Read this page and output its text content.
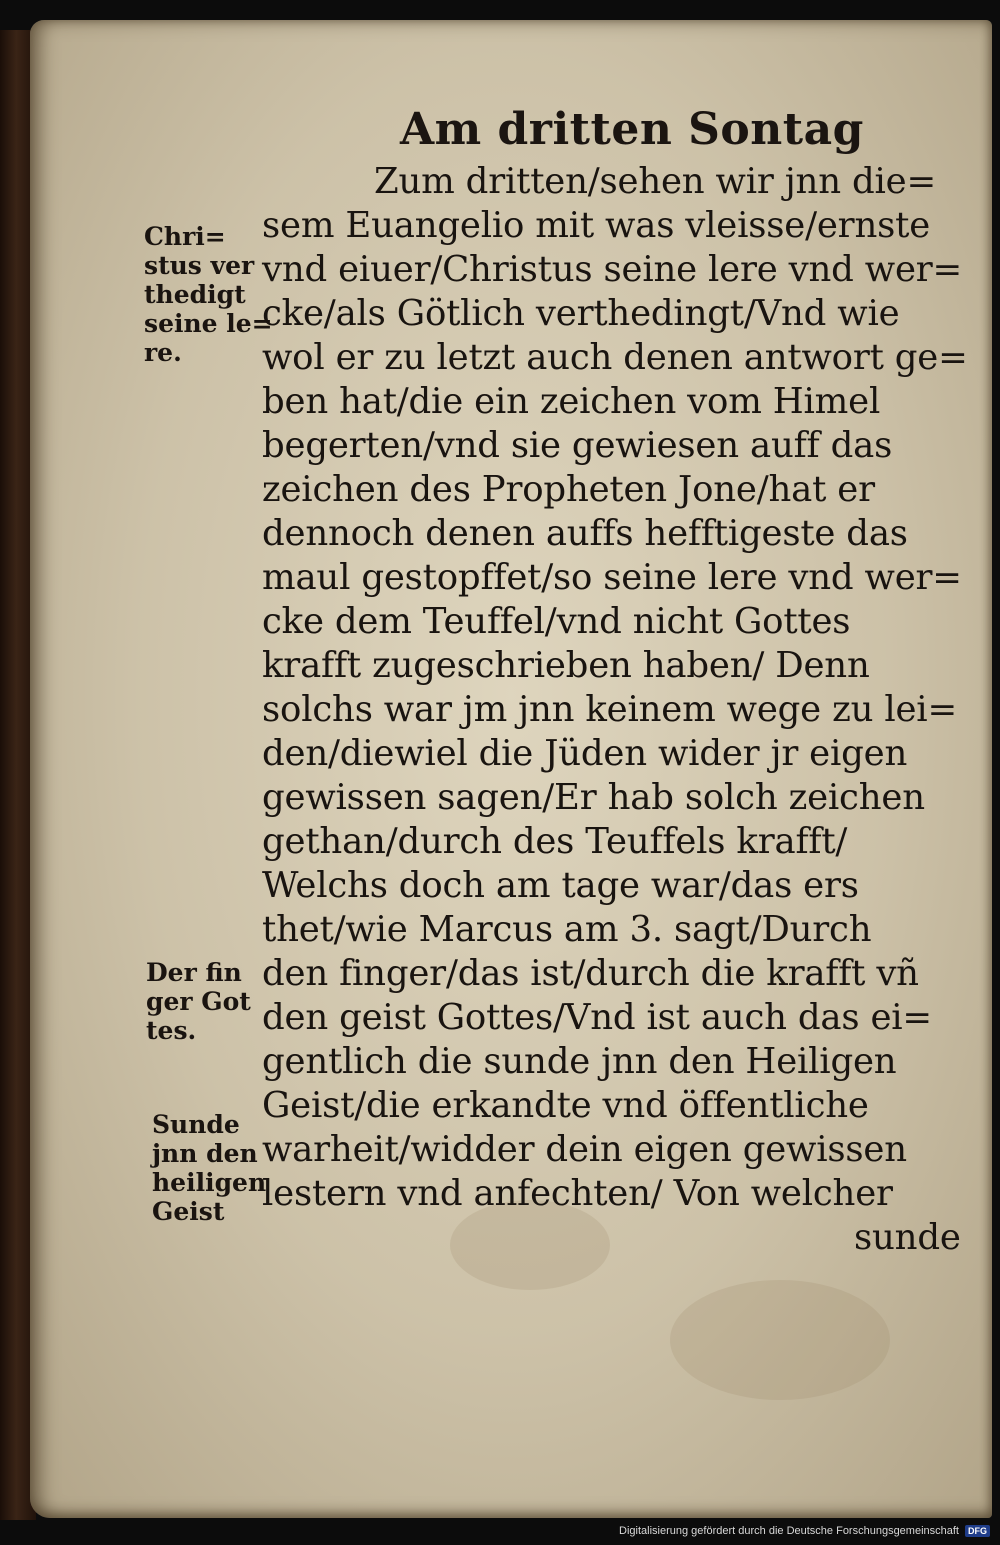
Am dritten Sontag
Zum dritten/sehen wir jnn die=
sem Euangelio mit was vleisse/ernste
vnd eiuer/Christus seine lere vnd wer=
cke/als Götlich verthedingt/Vnd wie
wol er zu letzt auch denen antwort ge=
ben hat/die ein zeichen vom Himel
begerten/vnd sie gewiesen auff das
zeichen des Propheten Jone/hat er
dennoch denen auffs hefftigeste das
maul gestopffet/so seine lere vnd wer=
cke dem Teuffel/vnd nicht Gottes
krafft zugeschrieben haben/ Denn
solchs war jm jnn keinem wege zu lei=
den/diewiel die Jüden wider jr eigen
gewissen sagen/Er hab solch zeichen
gethan/durch des Teuffels krafft/
Welchs doch am tage war/das ers
thet/wie Marcus am 3. sagt/Durch
den finger/das ist/durch die krafft vñ
den geist Gottes/Vnd ist auch das ei=
gentlich die sunde jnn den Heiligen
Geist/die erkandte vnd öffentliche
warheit/widder dein eigen gewissen
lestern vnd anfechten/ Von welcher
sunde
Chri=
stus ver
thedigt
seine le=
re.
Der fin
ger Got
tes.
Sunde
jnn den
heiligen
Geist
Digitalisierung gefördert durch die Deutsche Forschungsgemeinschaft	DFG
